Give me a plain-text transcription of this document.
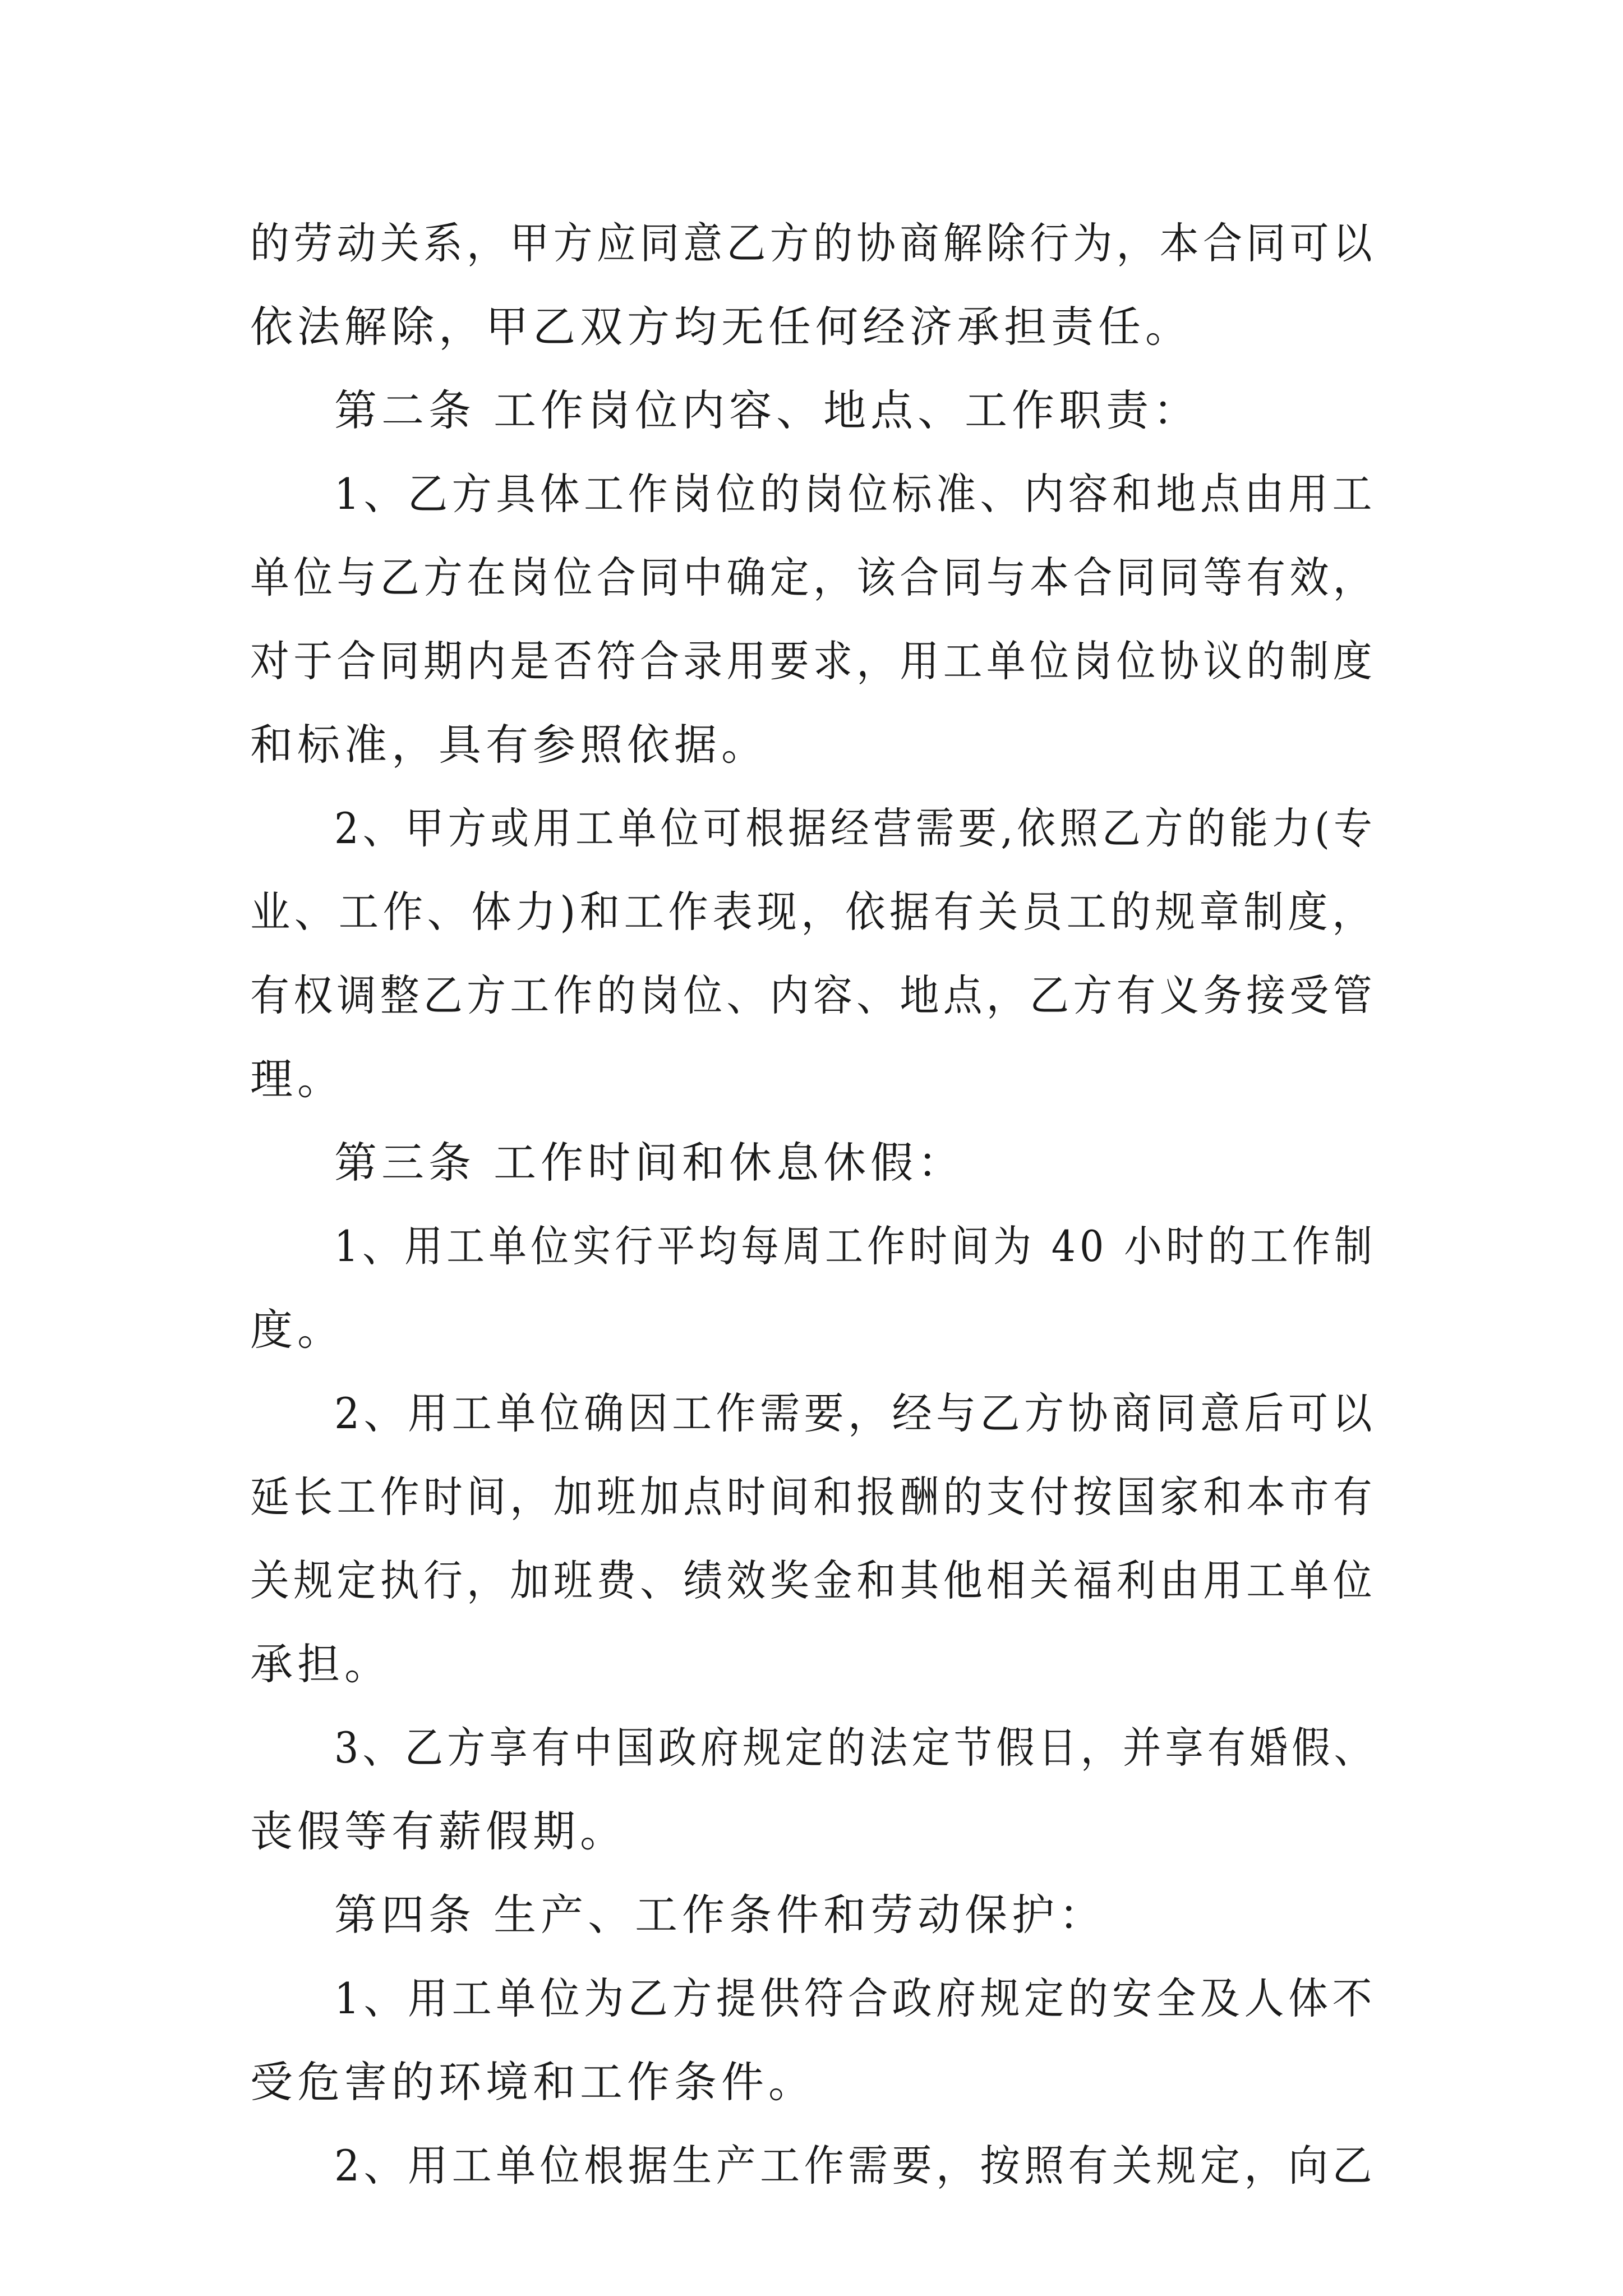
的劳动关系，甲方应同意乙方的协商解除行为，本合同可以
依法解除，甲乙双方均无任何经济承担责任。
第二条 工作岗位内容、地点、工作职责：
1、乙方具体工作岗位的岗位标准、内容和地点由用工
单位与乙方在岗位合同中确定，该合同与本合同同等有效，
对于合同期内是否符合录用要求，用工单位岗位协议的制度
和标准，具有参照依据。
2、甲方或用工单位可根据经营需要,依照乙方的能力(专
业、工作、体力)和工作表现，依据有关员工的规章制度，
有权调整乙方工作的岗位、内容、地点，乙方有义务接受管
理。
第三条 工作时间和休息休假：
1、用工单位实行平均每周工作时间为 40 小时的工作制
度。
2、用工单位确因工作需要，经与乙方协商同意后可以
延长工作时间，加班加点时间和报酬的支付按国家和本市有
关规定执行，加班费、绩效奖金和其他相关福利由用工单位
承担。
3、乙方享有中国政府规定的法定节假日，并享有婚假、
丧假等有薪假期。
第四条 生产、工作条件和劳动保护：
1、用工单位为乙方提供符合政府规定的安全及人体不
受危害的环境和工作条件。
2、用工单位根据生产工作需要，按照有关规定，向乙
